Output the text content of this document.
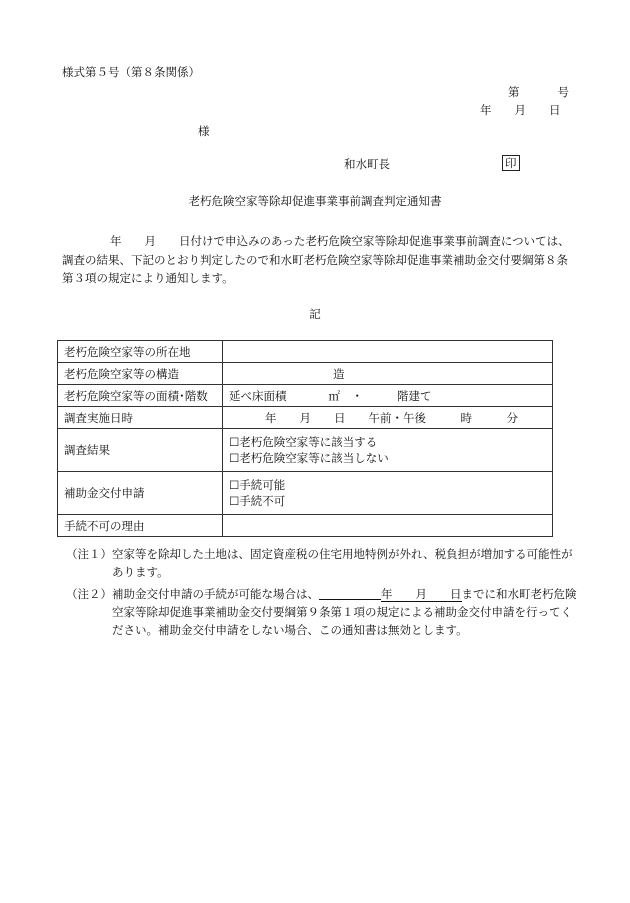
様式第５号（第８条関係）
第	号
年　　月　　日
様
和水町長	印
老朽危険空家等除却促進事業事前調査判定通知書
年　　月　　日付けで申込みのあった老朽危険空家等除却促進事業事前調査については、調査の結果、下記のとおり判定したので和水町老朽危険空家等除却促進事業補助金交付要綱第８条第３項の規定により通知します。
記
老朽危険空家等の所在地	
老朽危険空家等の構造	造
老朽危険空家等の面積･階数	延べ床面積 ㎡　・ 階建て
調査実施日時	年　　月　　日　　午前・午後　　　時　　　分
調査結果	☐老朽危険空家等に該当する
☐老朽危険空家等に該当しない

補助金交付申請	☐手続可能
☐手続不可

手続不可の理由	
（注１） 空家等を除却した土地は、固定資産税の住宅用地特例が外れ、税負担が増加する可能性があります。
（注２） 補助金交付申請の手続が可能な場合は、	年　　月　　日までに和水町老朽危険空家等除却促進事業補助金交付要綱第９条第１項の規定による補助金交付申請を行ってください。補助金交付申請をしない場合、この通知書は無効とします。
